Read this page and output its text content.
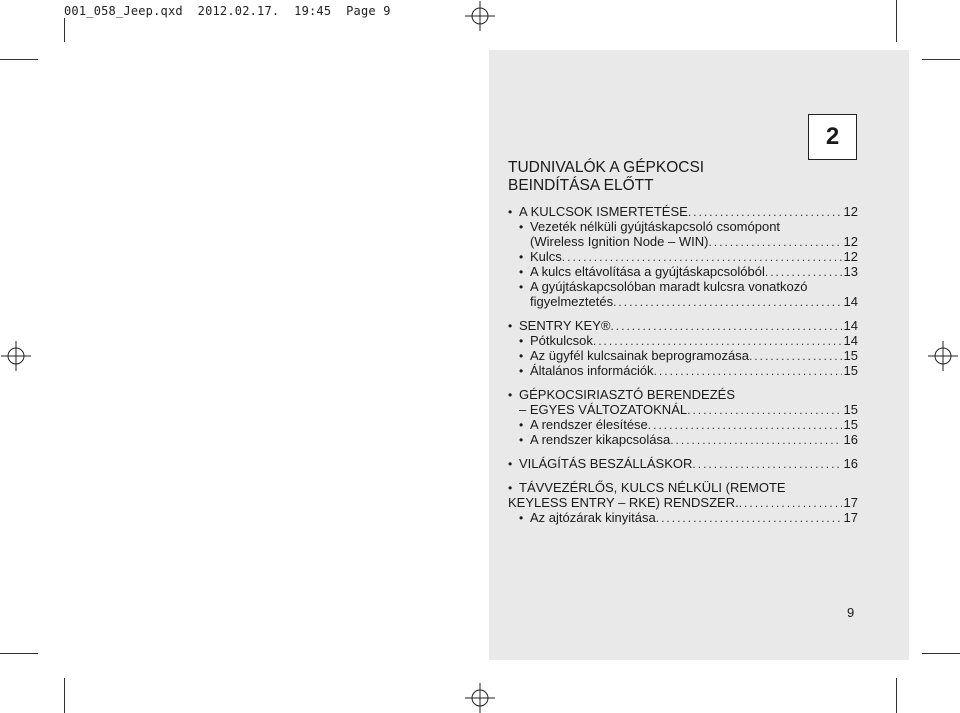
001_058_Jeep.qxd  2012.02.17.  19:45  Page 9
2
TUDNIVALÓK A GÉPKOCSI
BEINDÍTÁSA ELŐTT
• A KULCSOK ISMERTETÉSE .....	12
• Vezeték nélküli gyújtáskapcsoló csomópont
(Wireless Ignition Node – WIN) .....	12
• Kulcs .....	12
• A kulcs eltávolítása a gyújtáskapcsolóból .....	13
• A gyújtáskapcsolóban maradt kulcsra vonatkozó
figyelmeztetés .....	14
• SENTRY KEY® .....	14
• Pótkulcsok .....	14
• Az ügyfél kulcsainak beprogramozása .....	15
• Általános információk .....	15
• GÉPKOCSIRIASZTÓ BERENDEZÉS
– EGYES VÁLTOZATOKNÁL .....	15
• A rendszer élesítése .....	15
• A rendszer kikapcsolása .....	16
• VILÁGÍTÁS BESZÁLLÁSKOR .....	16
• TÁVVEZÉRLŐS, KULCS NÉLKÜLI (REMOTE
KEYLESS ENTRY – RKE) RENDSZER. .....	17
• Az ajtózárak kinyitása .....	17
9
